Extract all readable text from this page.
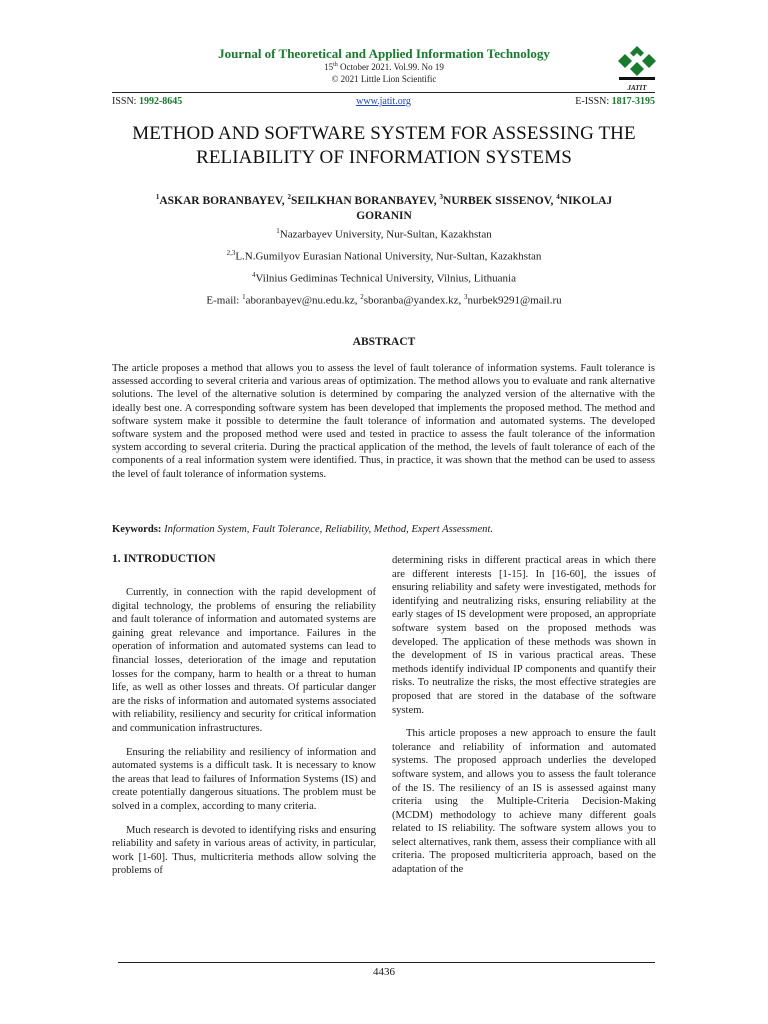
Journal of Theoretical and Applied Information Technology
15th October 2021. Vol.99. No 19
© 2021 Little Lion Scientific
JATIT
ISSN: 1992-8645	www.jatit.org	E-ISSN: 1817-3195
METHOD AND SOFTWARE SYSTEM FOR ASSESSING THE
RELIABILITY OF INFORMATION SYSTEMS
$^1$ASKAR BORANBAYEV, $^2$SEILKHAN BORANBAYEV, $^3$NURBEK SISSENOV, $^4$NIKOLAJ GORANIN
$^1$Nazarbayev University, Nur-Sultan, Kazakhstan
$^{2,3}$L.N.Gumilyov Eurasian National University, Nur-Sultan, Kazakhstan
$^4$Vilnius Gediminas Technical University, Vilnius, Lithuania
E-mail: $^1$aboranbayev@nu.edu.kz, $^2$sboranba@yandex.kz, $^3$nurbek9291@mail.ru
ABSTRACT

The article proposes a method that allows you to assess the level of fault tolerance of information systems. Fault tolerance is assessed according to several criteria and various areas of optimization. The method allows you to evaluate and rank alternative solutions. The level of the alternative solution is determined by comparing the analyzed version of the alternative with the ideally best one. A corresponding software system has been developed that implements the proposed method. The method and software system make it possible to determine the fault tolerance of information and automated systems. The developed software system and the proposed method were used and tested in practice to assess the fault tolerance of the information system according to several criteria. During the practical application of the method, the levels of fault tolerance of each of the components of a real information system were identified. Thus, in practice, it was shown that the method can be used to assess the level of fault tolerance of information systems.

Keywords: Information System, Fault Tolerance, Reliability, Method, Expert Assessment.
1. INTRODUCTION

Currently, in connection with the rapid development of digital technology, the problems of ensuring the reliability and fault tolerance of information and automated systems are gaining great relevance and importance. Failures in the operation of information and automated systems can lead to financial losses, deterioration of the image and reputation losses for the company, harm to health or a threat to human life, as well as other losses and threats. Of particular danger are the risks of information and automated systems associated with reliability, resiliency and security for critical information and communication infrastructures.

Ensuring the reliability and resiliency of information and automated systems is a difficult task. It is necessary to know the areas that lead to failures of Information Systems (IS) and create potentially dangerous situations. The problem must be solved in a complex, according to many criteria.

Much research is devoted to identifying risks and ensuring reliability and safety in various areas of activity, in particular, work [1-60]. Thus, multicriteria methods allow solving the problems of

determining risks in different practical areas in which there are different interests [1-15]. In [16-60], the issues of ensuring reliability and safety were investigated, methods for identifying and neutralizing risks, ensuring reliability at the early stages of IS development were proposed, an appropriate software system based on the proposed methods was developed. The application of these methods was shown in the development of IS in various practical areas. These methods identify individual IP components and quantify their risks. To neutralize the risks, the most effective strategies are proposed that are stored in the database of the software system.

This article proposes a new approach to ensure the fault tolerance and reliability of information and automated systems. The proposed approach underlies the developed software system, and allows you to assess the fault tolerance of the IS. The resiliency of an IS is assessed against many criteria using the Multiple-Criteria Decision-Making (MCDM) methodology to achieve many different goals related to IS reliability. The software system allows you to select alternatives, rank them, assess their compliance with all criteria. The proposed multicriteria approach, based on the adaptation of the

4436
